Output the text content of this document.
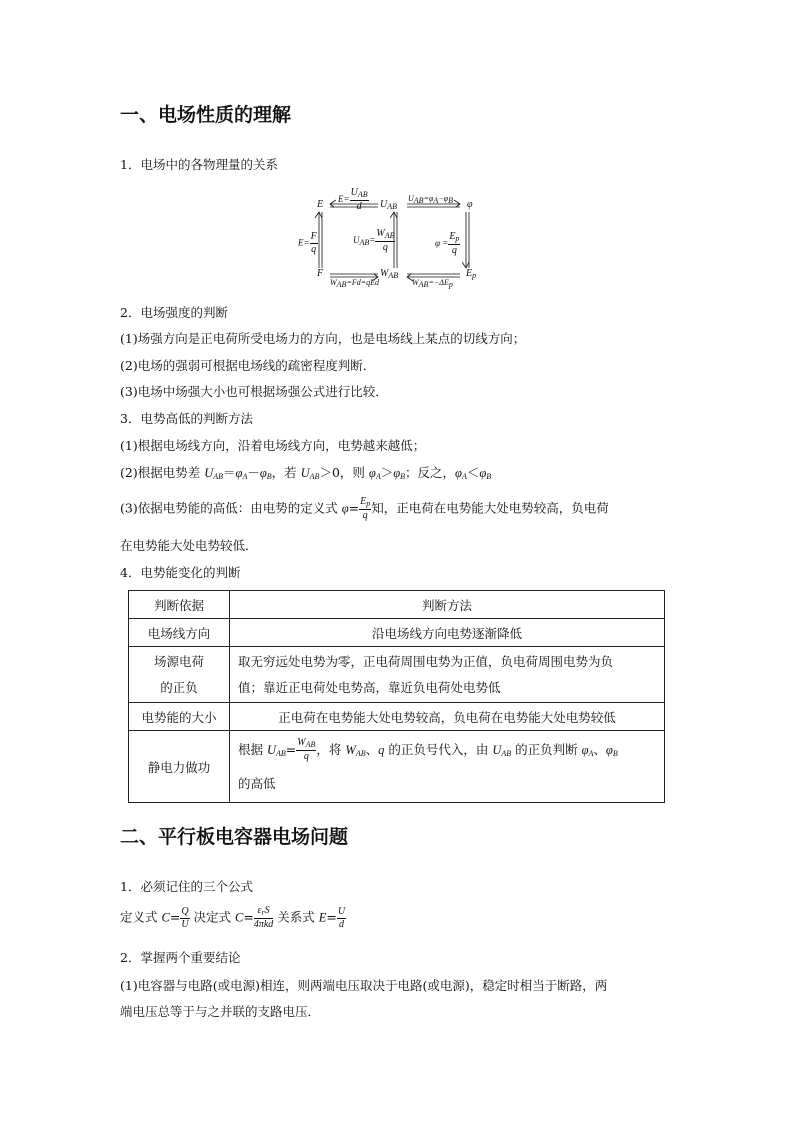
一、电场性质的理解
1．电场中的各物理量的关系
E	$U_{AB}$	φ
F	$W_{AB}$	$E_p$
$E= \frac{U_{AB}}{d}$	$U_{AB}=\varphi_A-\varphi_B$
$E= \frac{F}{q}$	$U_{AB}= \frac{W_{AB}}{q}$	$\varphi = \frac{E_p}{q}$
$W_{AB}=Fd=qEd$	$W_{AB}=-\Delta E_p$
2．电场强度的判断
(1)场强方向是正电荷所受电场力的方向，也是电场线上某点的切线方向；
(2)电场的强弱可根据电场线的疏密程度判断．
(3)电场中场强大小也可根据场强公式进行比较．
3．电势高低的判断方法
(1)根据电场线方向，沿着电场线方向，电势越来越低；
(2)根据电势差 $U_{AB}=\varphi_A-\varphi_B$，若 $U_{AB}>0$，则 $\varphi_A>\varphi_B$；反之，$\varphi_A<\varphi_B$
(3)依据电势能的高低：由电势的定义式 $\varphi= \frac{E_p}{q}$ 知，正电荷在电势能大处电势较高，负电荷
在电势能大处电势较低．
4．电势能变化的判断
判断依据	判断方法
电场线方向	沿电场线方向电势逐渐降低
场源电荷
的正负	取无穷远处电势为零，正电荷周围电势为正值，负电荷周围电势为负
值；靠近正电荷处电势高，靠近负电荷处电势低
电势能的大小	正电荷在电势能大处电势较高，负电荷在电势能大处电势较低
静电力做功	根据 $U_{AB}= \frac{W_{AB}}{q}$ ，将 $W_{AB}$、q 的正负号代入，由 $U_{AB}$ 的正负判断 $\varphi_A$、$\varphi_B$
的高低
二、平行板电容器电场问题
1．必须记住的三个公式
定义式 $C= \frac{Q}{U}$ 决定式 $C= \frac{\varepsilon_rS}{\text{4πkd}}$ 关系式 $E= \frac{U}{d}$
2．掌握两个重要结论
(1)电容器与电路(或电源)相连，则两端电压取决于电路(或电源)，稳定时相当于断路，两
端电压总等于与之并联的支路电压．
